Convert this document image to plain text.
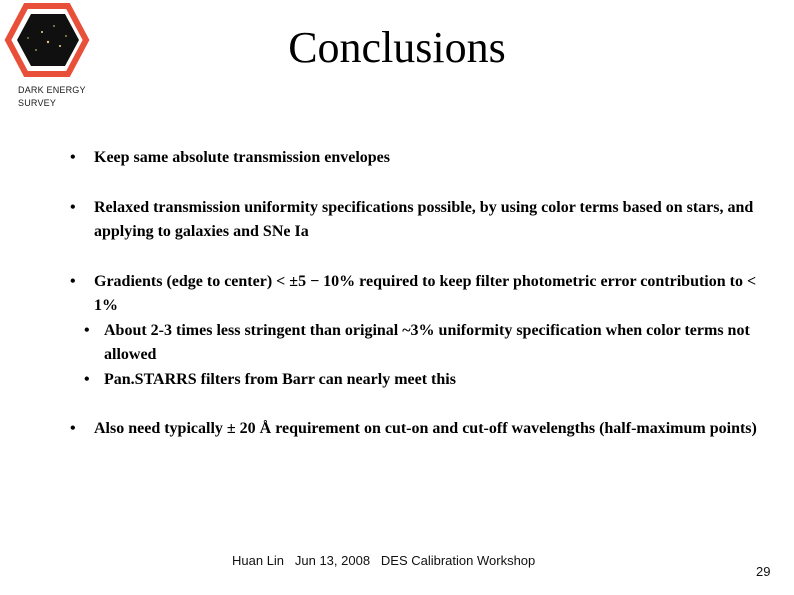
DARK ENERGY
SURVEY
Conclusions
• Keep same absolute transmission envelopes
• Relaxed transmission uniformity specifications possible, by using color terms based on stars, and applying to galaxies and SNe Ia
• Gradients (edge to center) < ±5 − 10% required to keep filter photometric error contribution to < 1%
• About 2-3 times less stringent than original ~3% uniformity specification when color terms not allowed
• Pan.STARRS filters from Barr can nearly meet this
• Also need typically ± 20 Å requirement on cut-on and cut-off wavelengths (half-maximum points)
Huan Lin   Jun 13, 2008   DES Calibration Workshop
29
